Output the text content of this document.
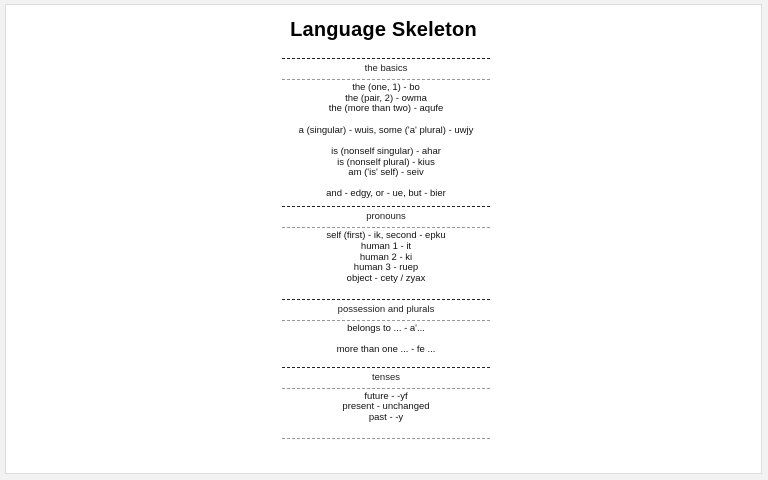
Language Skeleton
the basics
the (one, 1) - bo
the (pair, 2) - owma
the (more than two) - aqufe
a (singular) - wuis, some ('a' plural) - uwjy
is (nonself singular) - ahar
is (nonself plural) - kius
am ('is' self) - seiv
and - edgy, or - ue, but - bier
pronouns
self (first) - ik, second - epku
human 1 - it
human 2 - ki
human 3 - ruep
object - cety / zyax
possession and plurals
belongs to ... - a'...
more than one ... - fe ...
tenses
future - -yf
present - unchanged
past - -y
